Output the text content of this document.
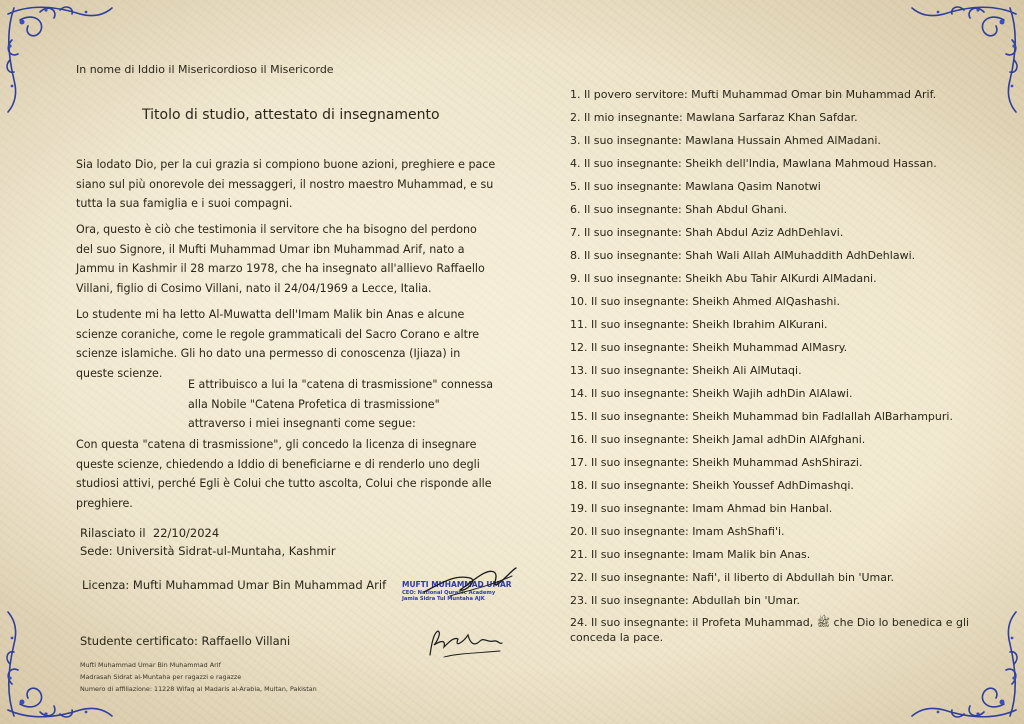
In nome di Iddio il Misericordioso il Misericorde
Titolo di studio, attestato di insegnamento

Sia lodato Dio, per la cui grazia si compiono buone azioni, preghiere e pace siano sul più onorevole dei messaggeri, il nostro maestro Muhammad, e su tutta la sua famiglia e i suoi compagni.

Ora, questo è ciò che testimonia il servitore che ha bisogno del perdono del suo Signore, il Mufti Muhammad Umar ibn Muhammad Arif, nato a Jammu in Kashmir il 28 marzo 1978, che ha insegnato all'allievo Raffaello Villani, figlio di Cosimo Villani, nato il 24/04/1969 a Lecce, Italia.

Lo studente mi ha letto Al-Muwatta dell'Imam Malik bin Anas e alcune scienze coraniche, come le regole grammaticali del Sacro Corano e altre scienze islamiche. Gli ho dato una permesso di conoscenza (Ijiaza) in queste scienze.

E attribuisco a lui la "catena di trasmissione" connessa alla Nobile "Catena Profetica di trasmissione" attraverso i miei insegnanti come segue:

Con questa "catena di trasmissione", gli concedo la licenza di insegnare queste scienze, chiedendo a Iddio di beneficiarne e di renderlo uno degli studiosi attivi, perché Egli è Colui che tutto ascolta, Colui che risponde alle preghiere.

Rilasciato il  22/10/2024
Sede: Università Sidrat-ul-Muntaha, Kashmir
Licenza: Mufti Muhammad Umar Bin Muhammad Arif
Studente certificato: Raffaello Villani
Mufti Muhammad Umar Bin Muhammad Arif
Madrasah Sidrat al-Muntaha per ragazzi e ragazze
Numero di affiliazione: 11228 Wifaq al Madaris al-Arabia, Multan, Pakistan
MUFTI MUHAMMAD UMAR
CEO: National Quranic Academy
Jamia Sidra Tul Muntaha AJK
1. Il povero servitore: Mufti Muhammad Omar bin Muhammad Arif.
2. Il mio insegnante: Mawlana Sarfaraz Khan Safdar.
3. Il suo insegnante: Mawlana Hussain Ahmed AlMadani.
4. Il suo insegnante: Sheikh dell'India, Mawlana Mahmoud Hassan.
5. Il suo insegnante: Mawlana Qasim Nanotwi
6. Il suo insegnante: Shah Abdul Ghani.
7. Il suo insegnante: Shah Abdul Aziz AdhDehlavi.
8. Il suo insegnante: Shah Wali Allah AlMuhaddith AdhDehlawi.
9. Il suo insegnante: Sheikh Abu Tahir AlKurdi AlMadani.
10. Il suo insegnante: Sheikh Ahmed AlQashashi.
11. Il suo insegnante: Sheikh Ibrahim AlKurani.
12. Il suo insegnante: Sheikh Muhammad AlMasry.
13. Il suo insegnante: Sheikh Ali AlMutaqi.
14. Il suo insegnante: Sheikh Wajih adhDin AlAlawi.
15. Il suo insegnante: Sheikh Muhammad bin Fadlallah AlBarhampuri.
16. Il suo insegnante: Sheikh Jamal adhDin AlAfghani.
17. Il suo insegnante: Sheikh Muhammad AshShirazi.
18. Il suo insegnante: Sheikh Youssef AdhDimashqi.
19. Il suo insegnante: Imam Ahmad bin Hanbal.
20. Il suo insegnante: Imam AshShafi'i.
21. Il suo insegnante: Imam Malik bin Anas.
22. Il suo insegnante: Nafi', il liberto di Abdullah bin 'Umar.
23. Il suo insegnante: Abdullah bin 'Umar.
24. Il suo insegnante: il Profeta Muhammad, ﷺ che Dio lo benedica e gli conceda la pace.
